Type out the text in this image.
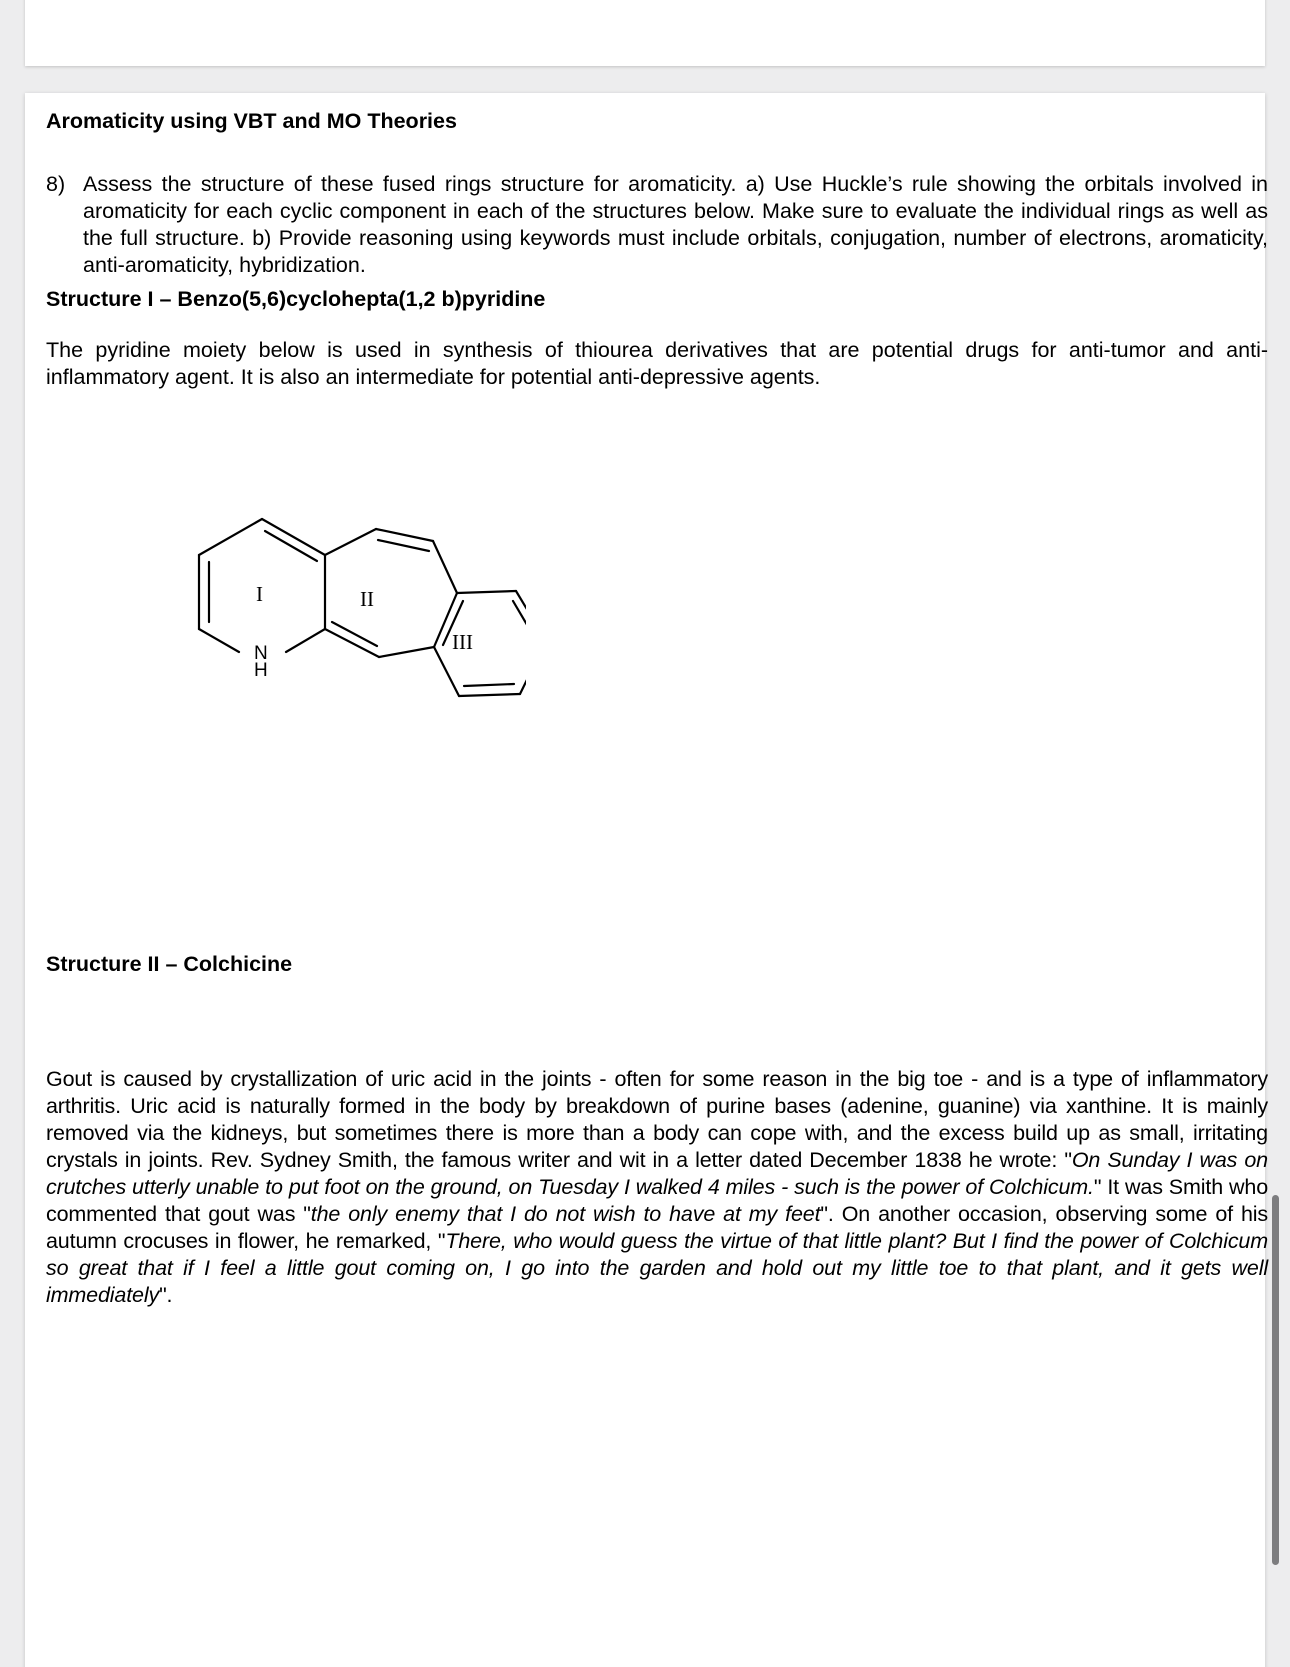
Aromaticity using VBT and MO Theories
8) Assess the structure of these fused rings structure for aromaticity. a) Use Huckle’s rule showing the orbitals involved in aromaticity for each cyclic component in each of the structures below. Make sure to evaluate the individual rings as well as the full structure. b) Provide reasoning using keywords must include orbitals, conjugation, number of electrons, aromaticity, anti-aromaticity, hybridization.
Structure I – Benzo(5,6)cyclohepta(1,2 b)pyridine
The pyridine moiety below is used in synthesis of thiourea derivatives that are potential drugs for anti-tumor and anti-inflammatory agent. It is also an intermediate for potential anti-depressive agents.
I	II
III
N
H
Structure II – Colchicine
Gout is caused by crystallization of uric acid in the joints - often for some reason in the big toe - and is a type of inflammatory arthritis. Uric acid is naturally formed in the body by breakdown of purine bases (adenine, guanine) via xanthine. It is mainly removed via the kidneys, but sometimes there is more than a body can cope with, and the excess build up as small, irritating crystals in joints. Rev. Sydney Smith, the famous writer and wit in a letter dated December 1838 he wrote: "On Sunday I was on crutches utterly unable to put foot on the ground, on Tuesday I walked 4 miles - such is the power of Colchicum." It was Smith who commented that gout was "the only enemy that I do not wish to have at my feet". On another occasion, observing some of his autumn crocuses in flower, he remarked, "There, who would guess the virtue of that little plant? But I find the power of Colchicum so great that if I feel a little gout coming on, I go into the garden and hold out my little toe to that plant, and it gets well immediately".
